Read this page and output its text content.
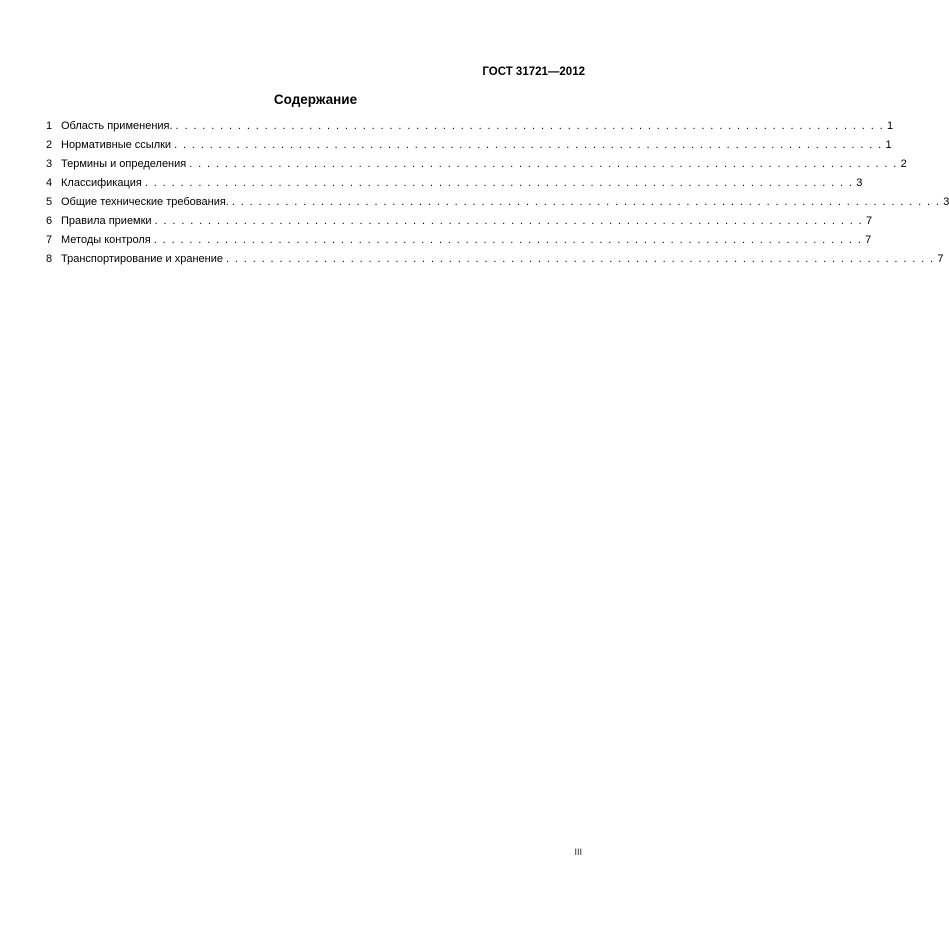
ГОСТ 31721—2012
Содержание
1 Область применения. . . . . . . . . . . . . . . . . . . . . . . . . . . . . . . . . . . . . . . . . . . . . . . . . . . . . . . . . . . . . . . . . . . . . . . . . . . . . . . . . 1
2 Нормативные ссылки . . . . . . . . . . . . . . . . . . . . . . . . . . . . . . . . . . . . . . . . . . . . . . . . . . . . . . . . . . . . . . . . . . . . . . . . . . . . . . . . 1
3 Термины и определения . . . . . . . . . . . . . . . . . . . . . . . . . . . . . . . . . . . . . . . . . . . . . . . . . . . . . . . . . . . . . . . . . . . . . . . . . . . . . . . . 2
4 Классификация . . . . . . . . . . . . . . . . . . . . . . . . . . . . . . . . . . . . . . . . . . . . . . . . . . . . . . . . . . . . . . . . . . . . . . . . . . . . . . . . 3
5 Общие технические требования. . . . . . . . . . . . . . . . . . . . . . . . . . . . . . . . . . . . . . . . . . . . . . . . . . . . . . . . . . . . . . . . . . . . . . . . . . . . . . . . . 3
6 Правила приемки . . . . . . . . . . . . . . . . . . . . . . . . . . . . . . . . . . . . . . . . . . . . . . . . . . . . . . . . . . . . . . . . . . . . . . . . . . . . . . . . 7
7 Методы контроля . . . . . . . . . . . . . . . . . . . . . . . . . . . . . . . . . . . . . . . . . . . . . . . . . . . . . . . . . . . . . . . . . . . . . . . . . . . . . . . . 7
8 Транспортирование и хранение . . . . . . . . . . . . . . . . . . . . . . . . . . . . . . . . . . . . . . . . . . . . . . . . . . . . . . . . . . . . . . . . . . . . . . . . . . . . . . . . 7
III
